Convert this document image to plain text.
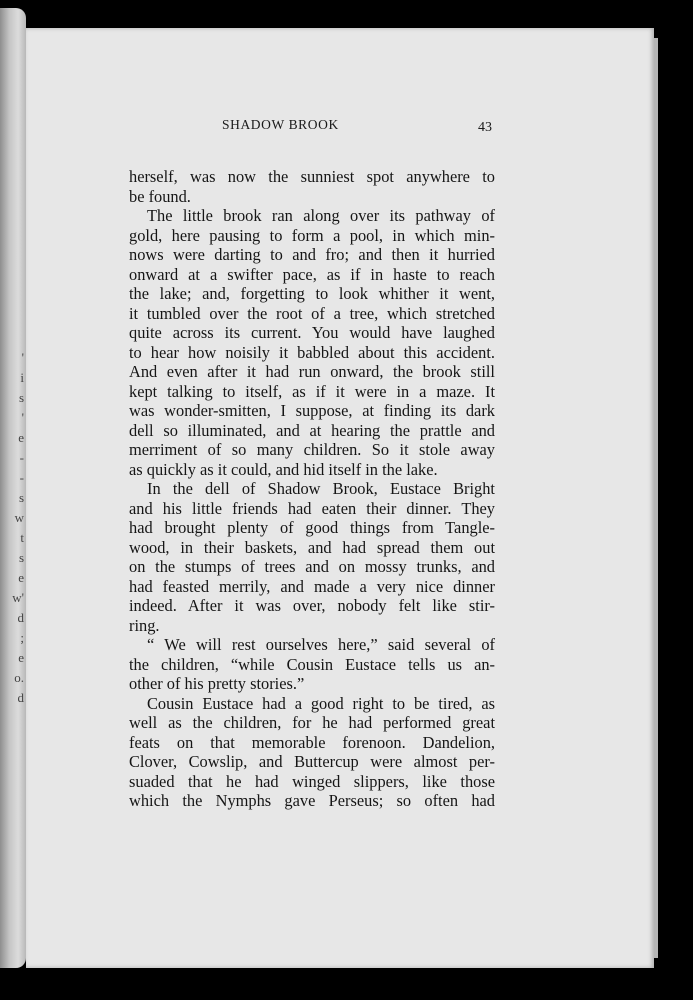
'
i
s
'
e
-
-
s
w
t
s
e
w'
d
;
e
o.
d
SHADOW BROOK	43
herself, was now the sunniest spot anywhere to
be found.
The little brook ran along over its pathway of
gold, here pausing to form a pool, in which min-
nows were darting to and fro; and then it hurried
onward at a swifter pace, as if in haste to reach
the lake; and, forgetting to look whither it went,
it tumbled over the root of a tree, which stretched
quite across its current. You would have laughed
to hear how noisily it babbled about this accident.
And even after it had run onward, the brook still
kept talking to itself, as if it were in a maze. It
was wonder-smitten, I suppose, at finding its dark
dell so illuminated, and at hearing the prattle and
merriment of so many children. So it stole away
as quickly as it could, and hid itself in the lake.
In the dell of Shadow Brook, Eustace Bright
and his little friends had eaten their dinner. They
had brought plenty of good things from Tangle-
wood, in their baskets, and had spread them out
on the stumps of trees and on mossy trunks, and
had feasted merrily, and made a very nice dinner
indeed. After it was over, nobody felt like stir-
ring.
“ We will rest ourselves here,” said several of
the children, “while Cousin Eustace tells us an-
other of his pretty stories.”
Cousin Eustace had a good right to be tired, as
well as the children, for he had performed great
feats on that memorable forenoon. Dandelion,
Clover, Cowslip, and Buttercup were almost per-
suaded that he had winged slippers, like those
which the Nymphs gave Perseus; so often had
